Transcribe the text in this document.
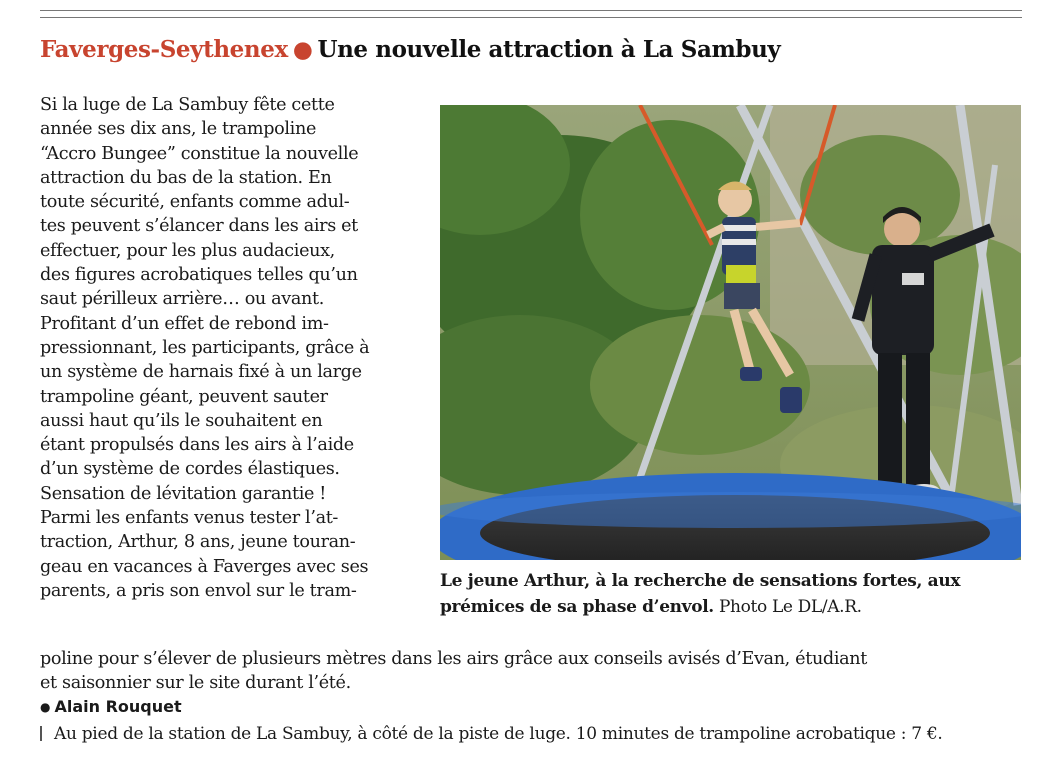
Faverges-Seythenex ● Une nouvelle attraction à La Sambuy
Si la luge de La Sambuy fête cette
année ses dix ans, le trampoline
“Accro Bungee” constitue la nouvelle
attraction du bas de la station. En
toute sécurité, enfants comme adul-
tes peuvent s’élancer dans les airs et
effectuer, pour les plus audacieux,
des figures acrobatiques telles qu’un
saut périlleux arrière… ou avant.
Profitant d’un effet de rebond im-
pressionnant, les participants, grâce à
un système de harnais fixé à un large
trampoline géant, peuvent sauter
aussi haut qu’ils le souhaitent en
étant propulsés dans les airs à l’aide
d’un système de cordes élastiques.
Sensation de lévitation garantie !
Parmi les enfants venus tester l’at-
traction, Arthur, 8 ans, jeune touran-
geau en vacances à Faverges avec ses
parents, a pris son envol sur le tram-	Le jeune Arthur, à la recherche de sensations fortes, aux
prémices de sa phase d’envol. Photo Le DL/A.R.
poline pour s’élever de plusieurs mètres dans les airs grâce aux conseils avisés d’Evan, étudiant
et saisonnier sur le site durant l’été.
● Alain Rouquet
Au pied de la station de La Sambuy, à côté de la piste de luge. 10 minutes de trampoline acrobatique : 7 €.
